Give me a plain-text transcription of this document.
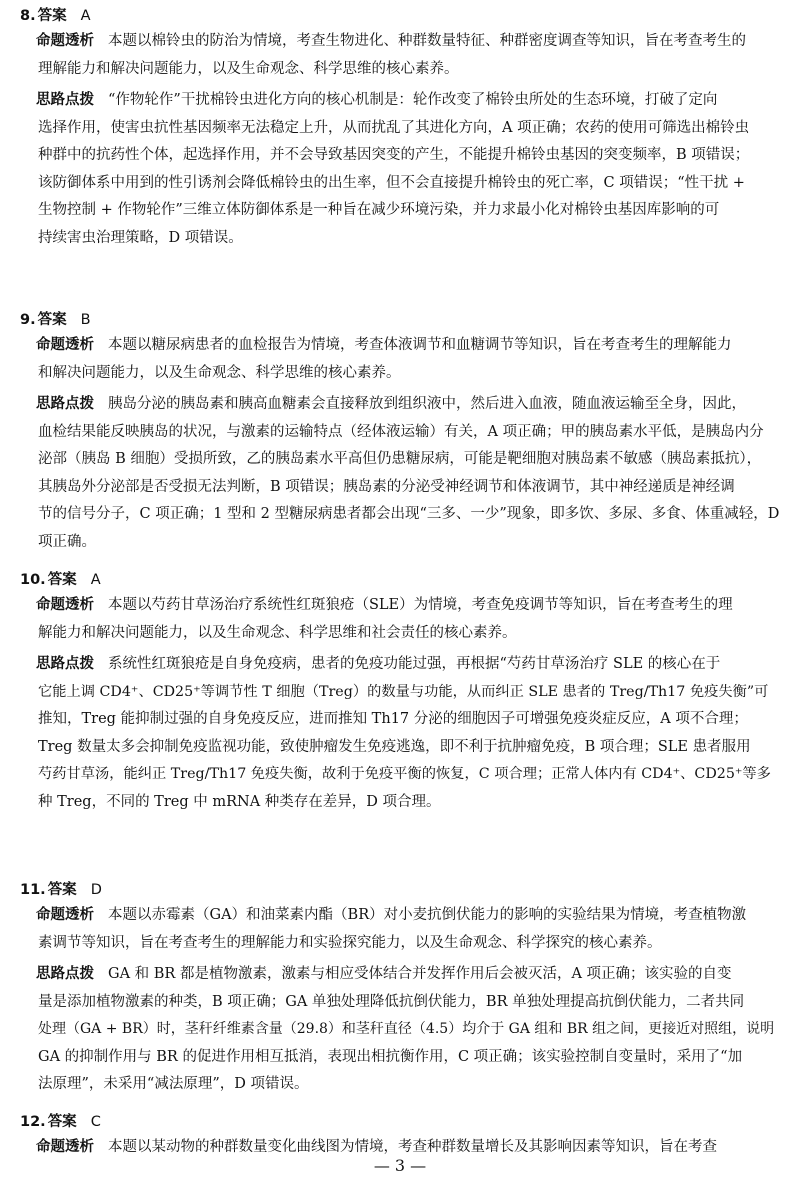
8. 答案 A
命题透析 本题以棉铃虫的防治为情境，考查生物进化、种群数量特征、种群密度调查等知识，旨在考查考生的
理解能力和解决问题能力，以及生命观念、科学思维的核心素养。
思路点拨 “作物轮作”干扰棉铃虫进化方向的核心机制是：轮作改变了棉铃虫所处的生态环境，打破了定向
选择作用，使害虫抗性基因频率无法稳定上升，从而扰乱了其进化方向，A 项正确；农药的使用可筛选出棉铃虫
种群中的抗药性个体，起选择作用，并不会导致基因突变的产生，不能提升棉铃虫基因的突变频率，B 项错误；
该防御体系中用到的性引诱剂会降低棉铃虫的出生率，但不会直接提升棉铃虫的死亡率，C 项错误；“性干扰 +
生物控制 + 作物轮作”三维立体防御体系是一种旨在减少环境污染，并力求最小化对棉铃虫基因库影响的可
持续害虫治理策略，D 项错误。
9. 答案 B
命题透析 本题以糖尿病患者的血检报告为情境，考查体液调节和血糖调节等知识，旨在考查考生的理解能力
和解决问题能力，以及生命观念、科学思维的核心素养。
思路点拨 胰岛分泌的胰岛素和胰高血糖素会直接释放到组织液中，然后进入血液，随血液运输至全身，因此，
血检结果能反映胰岛的状况，与激素的运输特点（经体液运输）有关，A 项正确；甲的胰岛素水平低，是胰岛内分
泌部（胰岛 B 细胞）受损所致，乙的胰岛素水平高但仍患糖尿病，可能是靶细胞对胰岛素不敏感（胰岛素抵抗），
其胰岛外分泌部是否受损无法判断，B 项错误；胰岛素的分泌受神经调节和体液调节，其中神经递质是神经调
节的信号分子，C 项正确；1 型和 2 型糖尿病患者都会出现“三多、一少”现象，即多饮、多尿、多食、体重减轻，D
项正确。
10. 答案 A
命题透析 本题以芍药甘草汤治疗系统性红斑狼疮（SLE）为情境，考查免疫调节等知识，旨在考查考生的理
解能力和解决问题能力，以及生命观念、科学思维和社会责任的核心素养。
思路点拨 系统性红斑狼疮是自身免疫病，患者的免疫功能过强，再根据“芍药甘草汤治疗 SLE 的核心在于
它能上调 CD4⁺、CD25⁺等调节性 T 细胞（Treg）的数量与功能，从而纠正 SLE 患者的 Treg/Th17 免疫失衡”可
推知，Treg 能抑制过强的自身免疫反应，进而推知 Th17 分泌的细胞因子可增强免疫炎症反应，A 项不合理；
Treg 数量太多会抑制免疫监视功能，致使肿瘤发生免疫逃逸，即不利于抗肿瘤免疫，B 项合理；SLE 患者服用
芍药甘草汤，能纠正 Treg/Th17 免疫失衡，故利于免疫平衡的恢复，C 项合理；正常人体内有 CD4⁺、CD25⁺等多
种 Treg，不同的 Treg 中 mRNA 种类存在差异，D 项合理。
11. 答案 D
命题透析 本题以赤霉素（GA）和油菜素内酯（BR）对小麦抗倒伏能力的影响的实验结果为情境，考查植物激
素调节等知识，旨在考查考生的理解能力和实验探究能力，以及生命观念、科学探究的核心素养。
思路点拨 GA 和 BR 都是植物激素，激素与相应受体结合并发挥作用后会被灭活，A 项正确；该实验的自变
量是添加植物激素的种类，B 项正确；GA 单独处理降低抗倒伏能力，BR 单独处理提高抗倒伏能力，二者共同
处理（GA + BR）时，茎秆纤维素含量（29.8）和茎秆直径（4.5）均介于 GA 组和 BR 组之间，更接近对照组，说明
GA 的抑制作用与 BR 的促进作用相互抵消，表现出相抗衡作用，C 项正确；该实验控制自变量时，采用了“加
法原理”，未采用“减法原理”，D 项错误。
12. 答案 C
命题透析 本题以某动物的种群数量变化曲线图为情境，考查种群数量增长及其影响因素等知识，旨在考查
— 3 —
